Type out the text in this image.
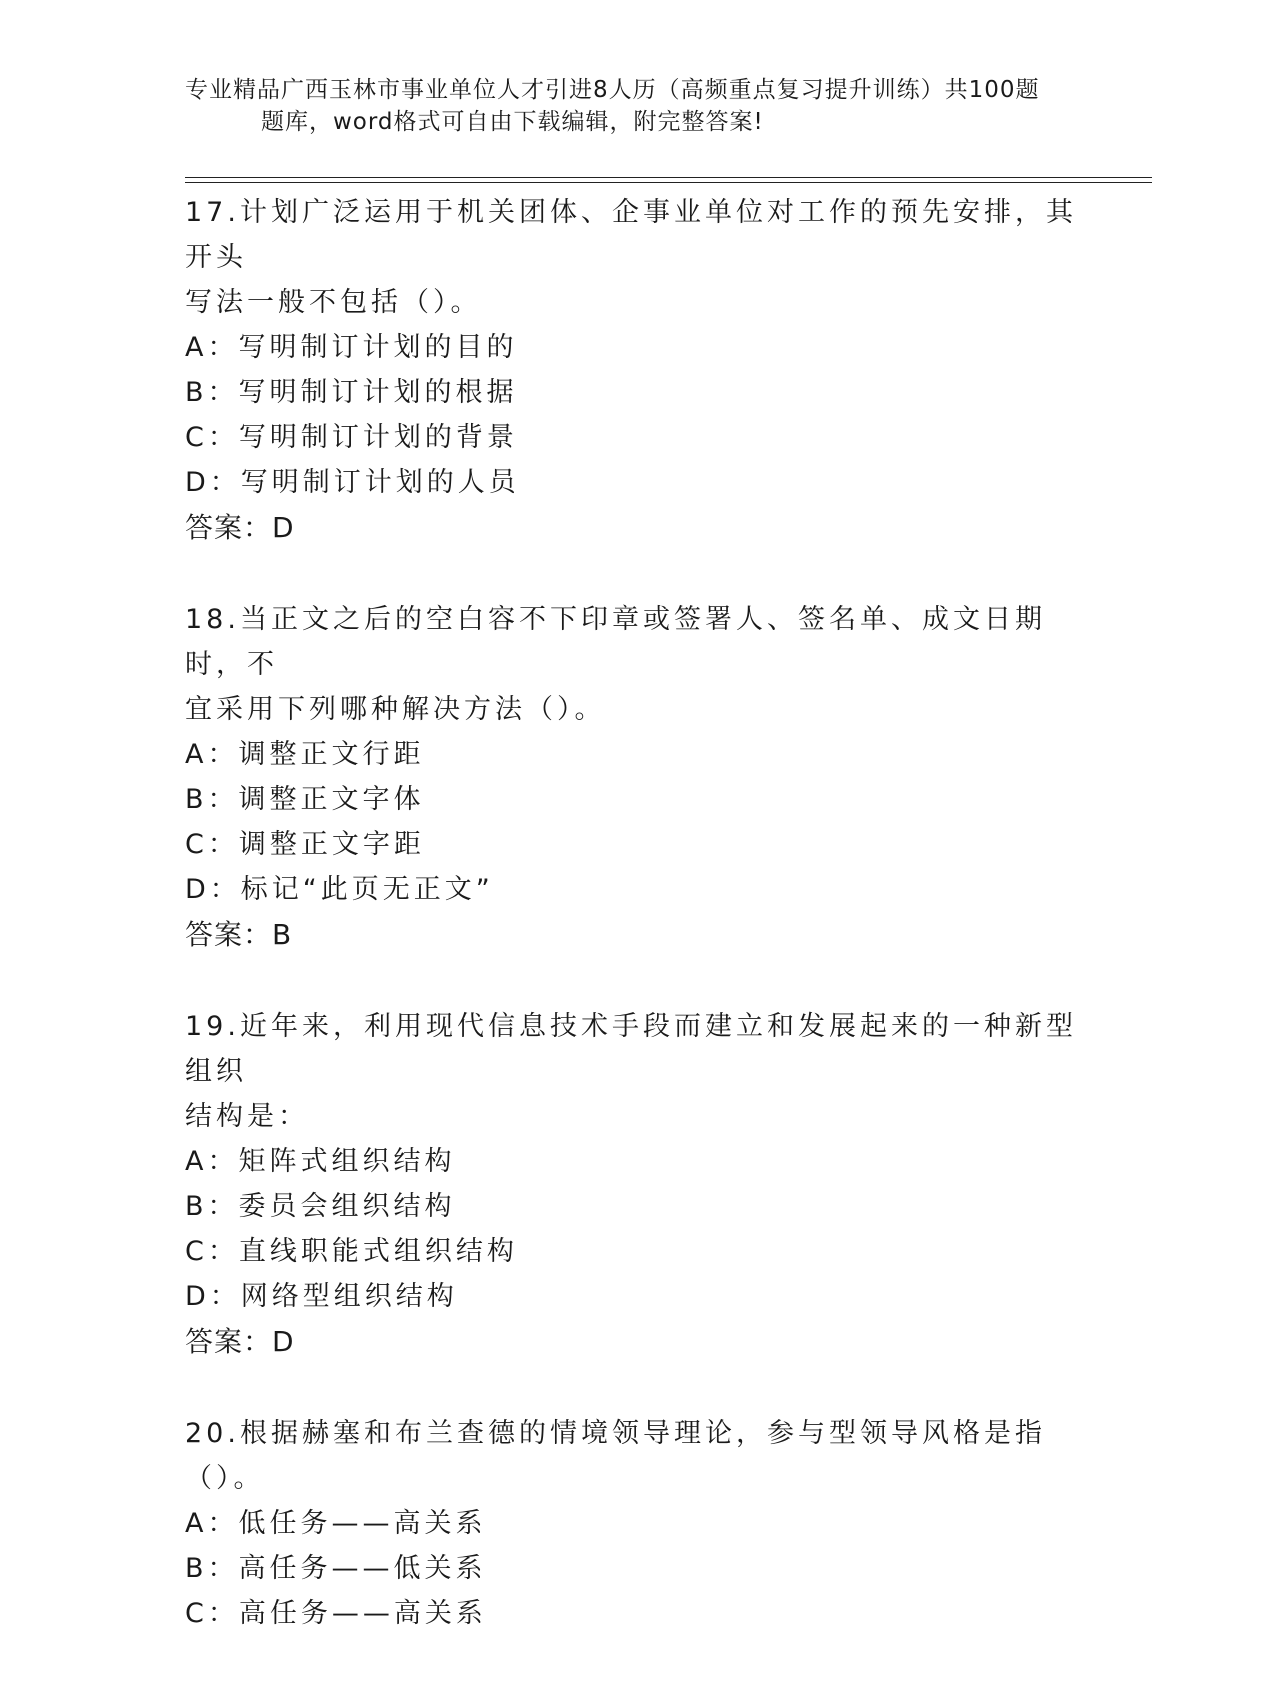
专业精品广西玉林市事业单位人才引进8人历（高频重点复习提升训练）共100题
题库，word格式可自由下载编辑，附完整答案!

17.计划广泛运用于机关团体、企事业单位对工作的预先安排，其开头

写法一般不包括（）。

A：写明制订计划的目的

B：写明制订计划的根据

C：写明制订计划的背景

D：写明制订计划的人员

答案：D

18.当正文之后的空白容不下印章或签署人、签名单、成文日期时，不

宜采用下列哪种解决方法（）。

A：调整正文行距

B：调整正文字体

C：调整正文字距

D：标记“此页无正文”

答案：B

19.近年来，利用现代信息技术手段而建立和发展起来的一种新型组织

结构是：

A：矩阵式组织结构

B：委员会组织结构

C：直线职能式组织结构

D：网络型组织结构

答案：D

20.根据赫塞和布兰查德的情境领导理论，参与型领导风格是指（）。

A：低任务——高关系

B：高任务——低关系

C：高任务——高关系
